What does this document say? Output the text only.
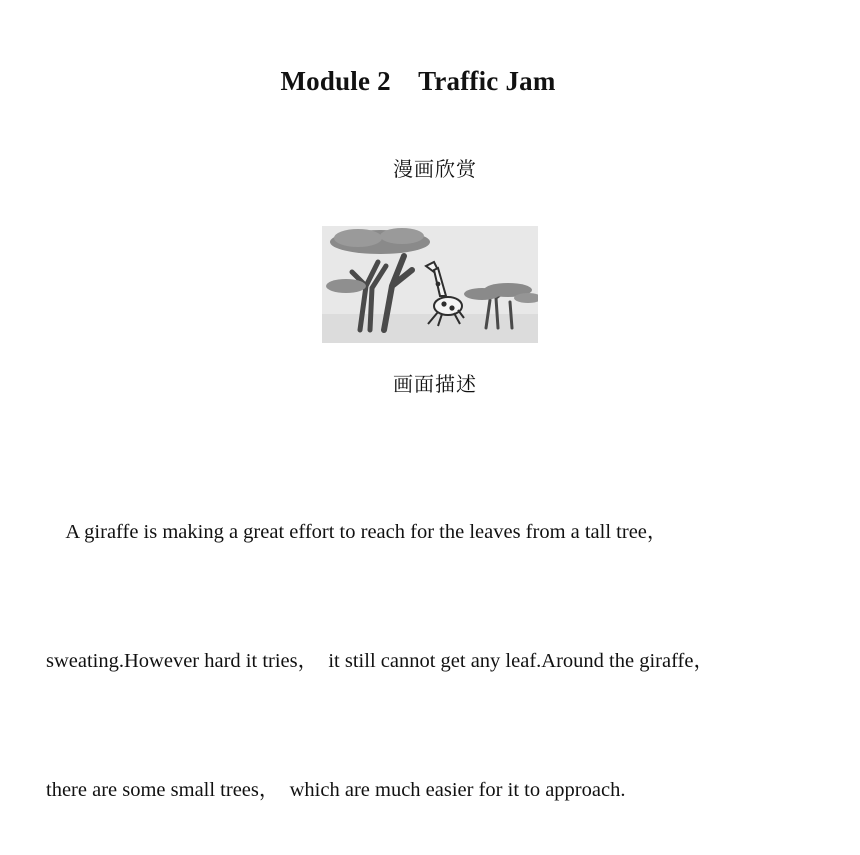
Module 2    Traffic Jam
漫画欣赏
画面描述

A giraffe is making a great effort to reach for the leaves from a tall tree，

sweating.However hard it tries，  it still cannot get any leaf.Around the giraffe，

there are some small trees，  which are much easier for it to approach.
